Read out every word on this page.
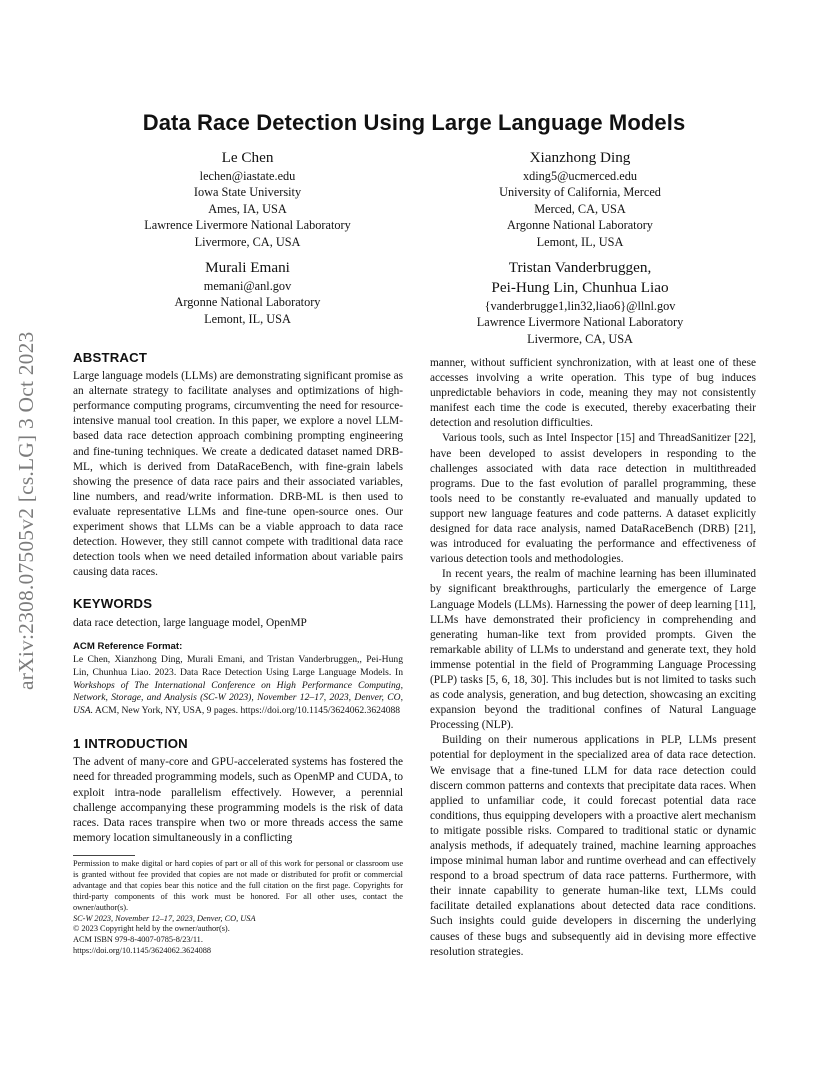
Data Race Detection Using Large Language Models
Le Chen
lechen@iastate.edu
Iowa State University
Ames, IA, USA
Lawrence Livermore National Laboratory
Livermore, CA, USA
Xianzhong Ding
xding5@ucmerced.edu
University of California, Merced
Merced, CA, USA
Argonne National Laboratory
Lemont, IL, USA
Murali Emani
memani@anl.gov
Argonne National Laboratory
Lemont, IL, USA
Tristan Vanderbruggen,
Pei-Hung Lin, Chunhua Liao
{vanderbrugge1,lin32,liao6}@llnl.gov
Lawrence Livermore National Laboratory
Livermore, CA, USA
arXiv:2308.07505v2 [cs.LG] 3 Oct 2023	ABSTRACT

Large language models (LLMs) are demonstrating significant promise as an alternate strategy to facilitate analyses and optimizations of high-performance computing programs, circumventing the need for resource-intensive manual tool creation. In this paper, we explore a novel LLM-based data race detection approach combining prompting engineering and fine-tuning techniques. We create a dedicated dataset named DRB-ML, which is derived from DataRaceBench, with fine-grain labels showing the presence of data race pairs and their associated variables, line numbers, and read/write information. DRB-ML is then used to evaluate representative LLMs and fine-tune open-source ones. Our experiment shows that LLMs can be a viable approach to data race detection. However, they still cannot compete with traditional data race detection tools when we need detailed information about variable pairs causing data races.

KEYWORDS

data race detection, large language model, OpenMP

ACM Reference Format:

Le Chen, Xianzhong Ding, Murali Emani, and Tristan Vanderbruggen,, Pei-Hung Lin, Chunhua Liao. 2023. Data Race Detection Using Large Language Models. In Workshops of The International Conference on High Performance Computing, Network, Storage, and Analysis (SC-W 2023), November 12–17, 2023, Denver, CO, USA. ACM, New York, NY, USA, 9 pages. https://doi.org/10.1145/3624062.3624088

1 INTRODUCTION

The advent of many-core and GPU-accelerated systems has fostered the need for threaded programming models, such as OpenMP and CUDA, to exploit intra-node parallelism effectively. However, a perennial challenge accompanying these programming models is the risk of data races. Data races transpire when two or more threads access the same memory location simultaneously in a conflicting

Permission to make digital or hard copies of part or all of this work for personal or classroom use is granted without fee provided that copies are not made or distributed for profit or commercial advantage and that copies bear this notice and the full citation on the first page. Copyrights for third-party components of this work must be honored. For all other uses, contact the owner/author(s).
SC-W 2023, November 12–17, 2023, Denver, CO, USA
© 2023 Copyright held by the owner/author(s).
ACM ISBN 979-8-4007-0785-8/23/11.
https://doi.org/10.1145/3624062.3624088

manner, without sufficient synchronization, with at least one of these accesses involving a write operation. This type of bug induces unpredictable behaviors in code, meaning they may not consistently manifest each time the code is executed, thereby exacerbating their detection and resolution difficulties.

Various tools, such as Intel Inspector [15] and ThreadSanitizer [22], have been developed to assist developers in responding to the challenges associated with data race detection in multithreaded programs. Due to the fast evolution of parallel programming, these tools need to be constantly re-evaluated and manually updated to support new language features and code patterns. A dataset explicitly designed for data race analysis, named DataRaceBench (DRB) [21], was introduced for evaluating the performance and effectiveness of various detection tools and methodologies.

In recent years, the realm of machine learning has been illuminated by significant breakthroughs, particularly the emergence of Large Language Models (LLMs). Harnessing the power of deep learning [11], LLMs have demonstrated their proficiency in comprehending and generating human-like text from provided prompts. Given the remarkable ability of LLMs to understand and generate text, they hold immense potential in the field of Programming Language Processing (PLP) tasks [5, 6, 18, 30]. This includes but is not limited to tasks such as code analysis, generation, and bug detection, showcasing an exciting expansion beyond the traditional confines of Natural Language Processing (NLP).

Building on their numerous applications in PLP, LLMs present potential for deployment in the specialized area of data race detection. We envisage that a fine-tuned LLM for data race detection could discern common patterns and contexts that precipitate data races. When applied to unfamiliar code, it could forecast potential data race conditions, thus equipping developers with a proactive alert mechanism to mitigate possible risks. Compared to traditional static or dynamic analysis methods, if adequately trained, machine learning approaches impose minimal human labor and runtime overhead and can effectively respond to a broad spectrum of data race patterns. Furthermore, with their innate capability to generate human-like text, LLMs could facilitate detailed explanations about detected data race conditions. Such insights could guide developers in discerning the underlying causes of these bugs and subsequently aid in devising more effective resolution strategies.
